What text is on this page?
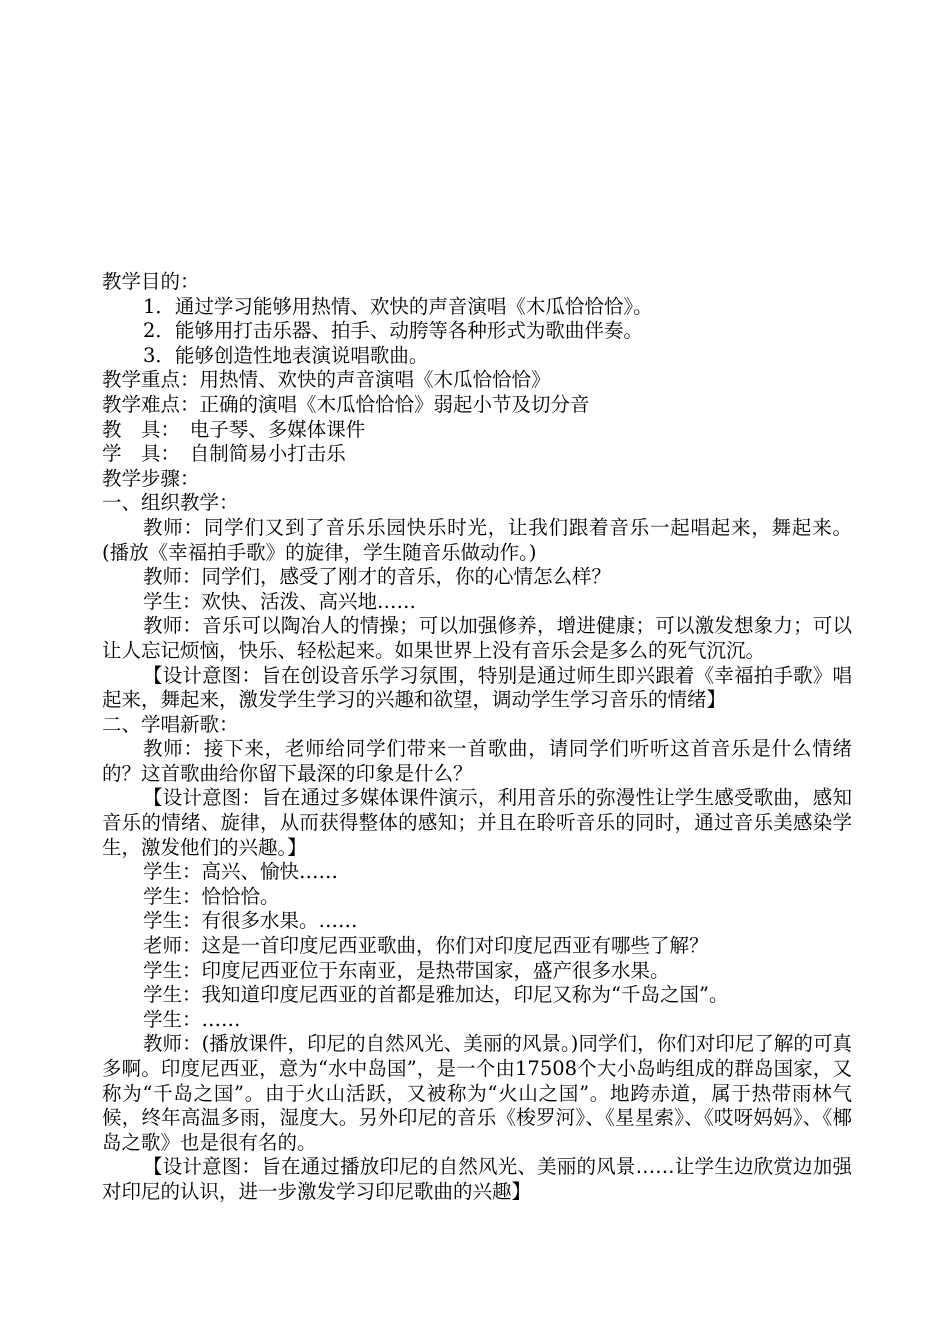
教学目的：
1．通过学习能够用热情、欢快的声音演唱《木瓜恰恰恰》。
2．能够用打击乐器、拍手、动胯等各种形式为歌曲伴奏。
3．能够创造性地表演说唱歌曲。
教学重点：用热情、欢快的声音演唱《木瓜恰恰恰》
教学难点：正确的演唱《木瓜恰恰恰》弱起小节及切分音
教　具：　电子琴、多媒体课件
学　具：　自制简易小打击乐
教学步骤：
一、组织教学：

教师：同学们又到了音乐乐园快乐时光，让我们跟着音乐一起唱起来，舞起来。(播放《幸福拍手歌》的旋律，学生随音乐做动作。)

教师：同学们，感受了刚才的音乐，你的心情怎么样？

学生：欢快、活泼、高兴地……

教师：音乐可以陶冶人的情操；可以加强修养，增进健康；可以激发想象力；可以让人忘记烦恼，快乐、轻松起来。如果世界上没有音乐会是多么的死气沉沉。

【设计意图：旨在创设音乐学习氛围，特别是通过师生即兴跟着《幸福拍手歌》唱起来，舞起来，激发学生学习的兴趣和欲望，调动学生学习音乐的情绪】

二、学唱新歌：

教师：接下来，老师给同学们带来一首歌曲，请同学们听听这首音乐是什么情绪的？这首歌曲给你留下最深的印象是什么？

【设计意图：旨在通过多媒体课件演示，利用音乐的弥漫性让学生感受歌曲，感知音乐的情绪、旋律，从而获得整体的感知；并且在聆听音乐的同时，通过音乐美感染学生，激发他们的兴趣。】

学生：高兴、愉快……
学生：恰恰恰。
学生：有很多水果。……
老师：这是一首印度尼西亚歌曲，你们对印度尼西亚有哪些了解？
学生：印度尼西亚位于东南亚，是热带国家，盛产很多水果。
学生：我知道印度尼西亚的首都是雅加达，印尼又称为“千岛之国”。
学生：……

教师：(播放课件，印尼的自然风光、美丽的风景。)同学们，你们对印尼了解的可真多啊。印度尼西亚，意为“水中岛国”，是一个由17508个大小岛屿组成的群岛国家，又称为“千岛之国”。由于火山活跃，又被称为“火山之国”。地跨赤道，属于热带雨林气候，终年高温多雨，湿度大。另外印尼的音乐《梭罗河》、《星星索》、《哎呀妈妈》、《椰岛之歌》也是很有名的。

【设计意图：旨在通过播放印尼的自然风光、美丽的风景……让学生边欣赏边加强对印尼的认识，进一步激发学习印尼歌曲的兴趣】
